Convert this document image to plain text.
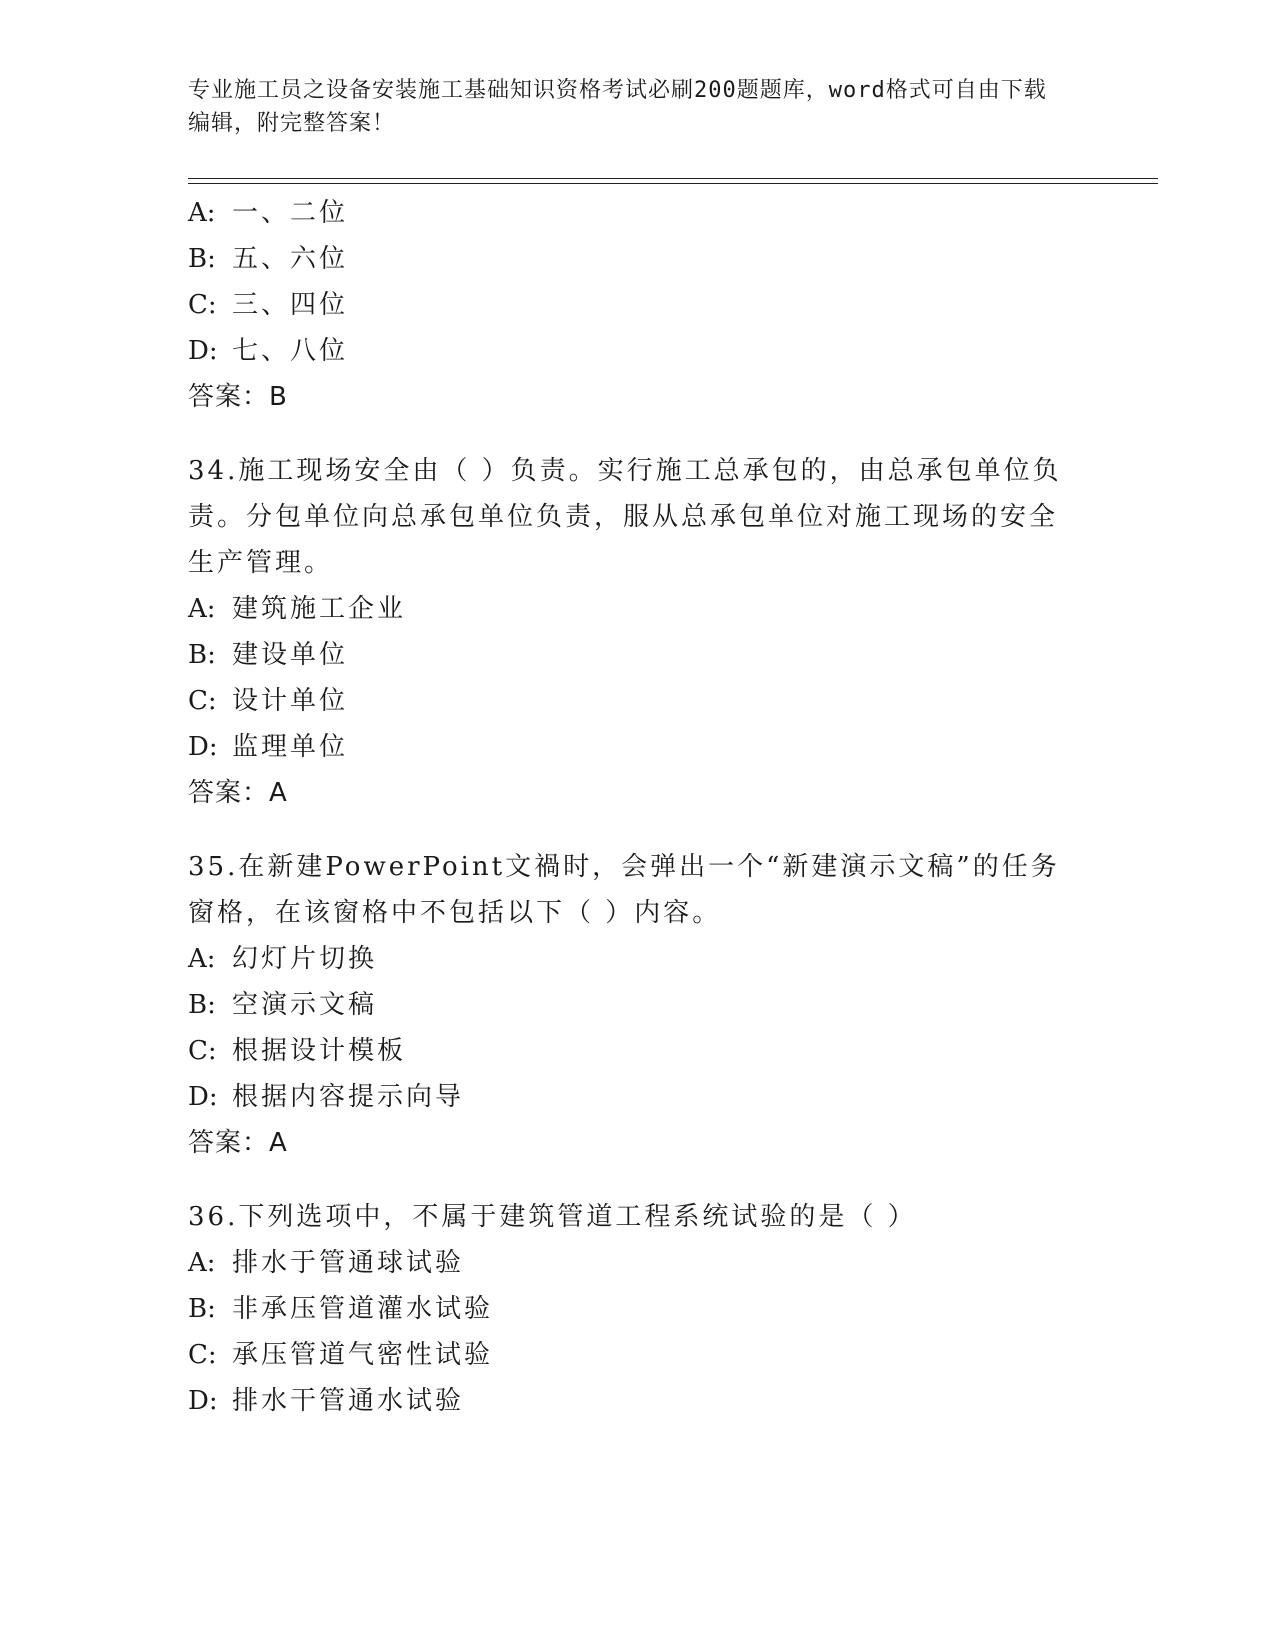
专业施工员之设备安装施工基础知识资格考试必刷200题题库，word格式可自由下载编辑，附完整答案！
A: 一、二位
B: 五、六位
C: 三、四位
D: 七、八位
答案：B
34.施工现场安全由（ ）负责。实行施工总承包的，由总承包单位负责。分包单位向总承包单位负责，服从总承包单位对施工现场的安全生产管理。
A: 建筑施工企业
B: 建设单位
C: 设计单位
D: 监理单位
答案：A
35.在新建PowerPoint文禍时，会弹出一个“新建演示文稿”的任务窗格，在该窗格中不包括以下（ ）内容。
A: 幻灯片切换
B: 空演示文稿
C: 根据设计模板
D: 根据内容提示向导
答案：A
36.下列选项中，不属于建筑管道工程系统试验的是（ ）
A: 排水于管通球试验
B: 非承压管道灌水试验
C: 承压管道气密性试验
D: 排水干管通水试验
